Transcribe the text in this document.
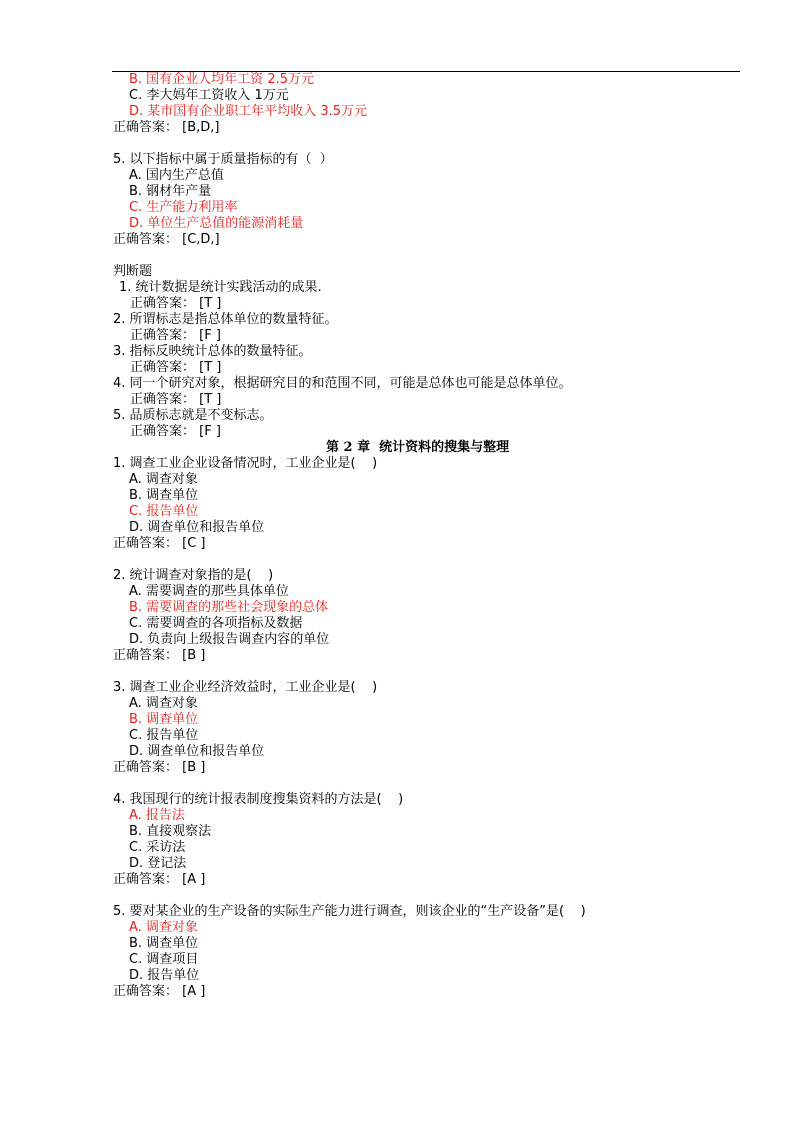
B. 国有企业人均年工资 2.5万元
C. 李大妈年工资收入 1万元
D. 某市国有企业职工年平均收入 3.5万元
正确答案： [B,D,]
5. 以下指标中属于质量指标的有（  ）
A. 国内生产总值
B. 钢材年产量
C. 生产能力利用率
D. 单位生产总值的能源消耗量
正确答案： [C,D,]
判断题
1. 统计数据是统计实践活动的成果.
正确答案： [T ]
2. 所谓标志是指总体单位的数量特征。
正确答案： [F ]
3. 指标反映统计总体的数量特征。
正确答案： [T ]
4. 同一个研究对象，根据研究目的和范围不同，可能是总体也可能是总体单位。
正确答案： [T ]
5. 品质标志就是不变标志。
正确答案： [F ]
第 2 章  统计资料的搜集与整理
1. 调查工业企业设备情况时，工业企业是(    )
A. 调查对象
B. 调查单位
C. 报告单位
D. 调查单位和报告单位
正确答案： [C ]
2. 统计调查对象指的是(    )
A. 需要调查的那些具体单位
B. 需要调查的那些社会现象的总体
C. 需要调查的各项指标及数据
D. 负责向上级报告调查内容的单位
正确答案： [B ]
3. 调查工业企业经济效益时，工业企业是(    )
A. 调查对象
B. 调查单位
C. 报告单位
D. 调查单位和报告单位
正确答案： [B ]
4. 我国现行的统计报表制度搜集资料的方法是(    )
A. 报告法
B. 直接观察法
C. 采访法
D. 登记法
正确答案： [A ]
5. 要对某企业的生产设备的实际生产能力进行调查，则该企业的“生产设备”是(    )
A. 调查对象
B. 调查单位
C. 调查项目
D. 报告单位
正确答案： [A ]
